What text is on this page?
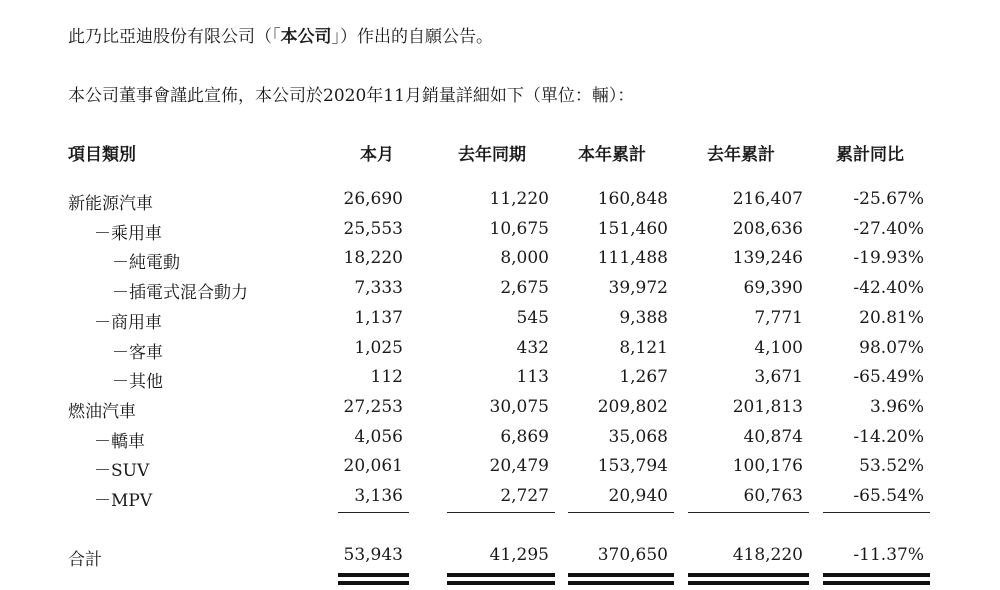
此乃比亞迪股份有限公司（「本公司」）作出的自願公告。
本公司董事會謹此宣佈，本公司於2020年11月銷量詳細如下（單位：輛）：
項目類別	本月	去年同期	本年累計	去年累計	累計同比
新能源汽車	26,690	11,220	160,848	216,407	-25.67%
－乘用車	25,553	10,675	151,460	208,636	-27.40%
－純電動	18,220	8,000	111,488	139,246	-19.93%
－插電式混合動力	7,333	2,675	39,972	69,390	-42.40%
－商用車	1,137	545	9,388	7,771	20.81%
－客車	1,025	432	8,121	4,100	98.07%
－其他	112	113	1,267	3,671	-65.49%
燃油汽車	27,253	30,075	209,802	201,813	3.96%
－轎車	4,056	6,869	35,068	40,874	-14.20%
－SUV	20,061	20,479	153,794	100,176	53.52%
－MPV	3,136	2,727	20,940	60,763	-65.54%
合計	53,943	41,295	370,650	418,220	-11.37%
